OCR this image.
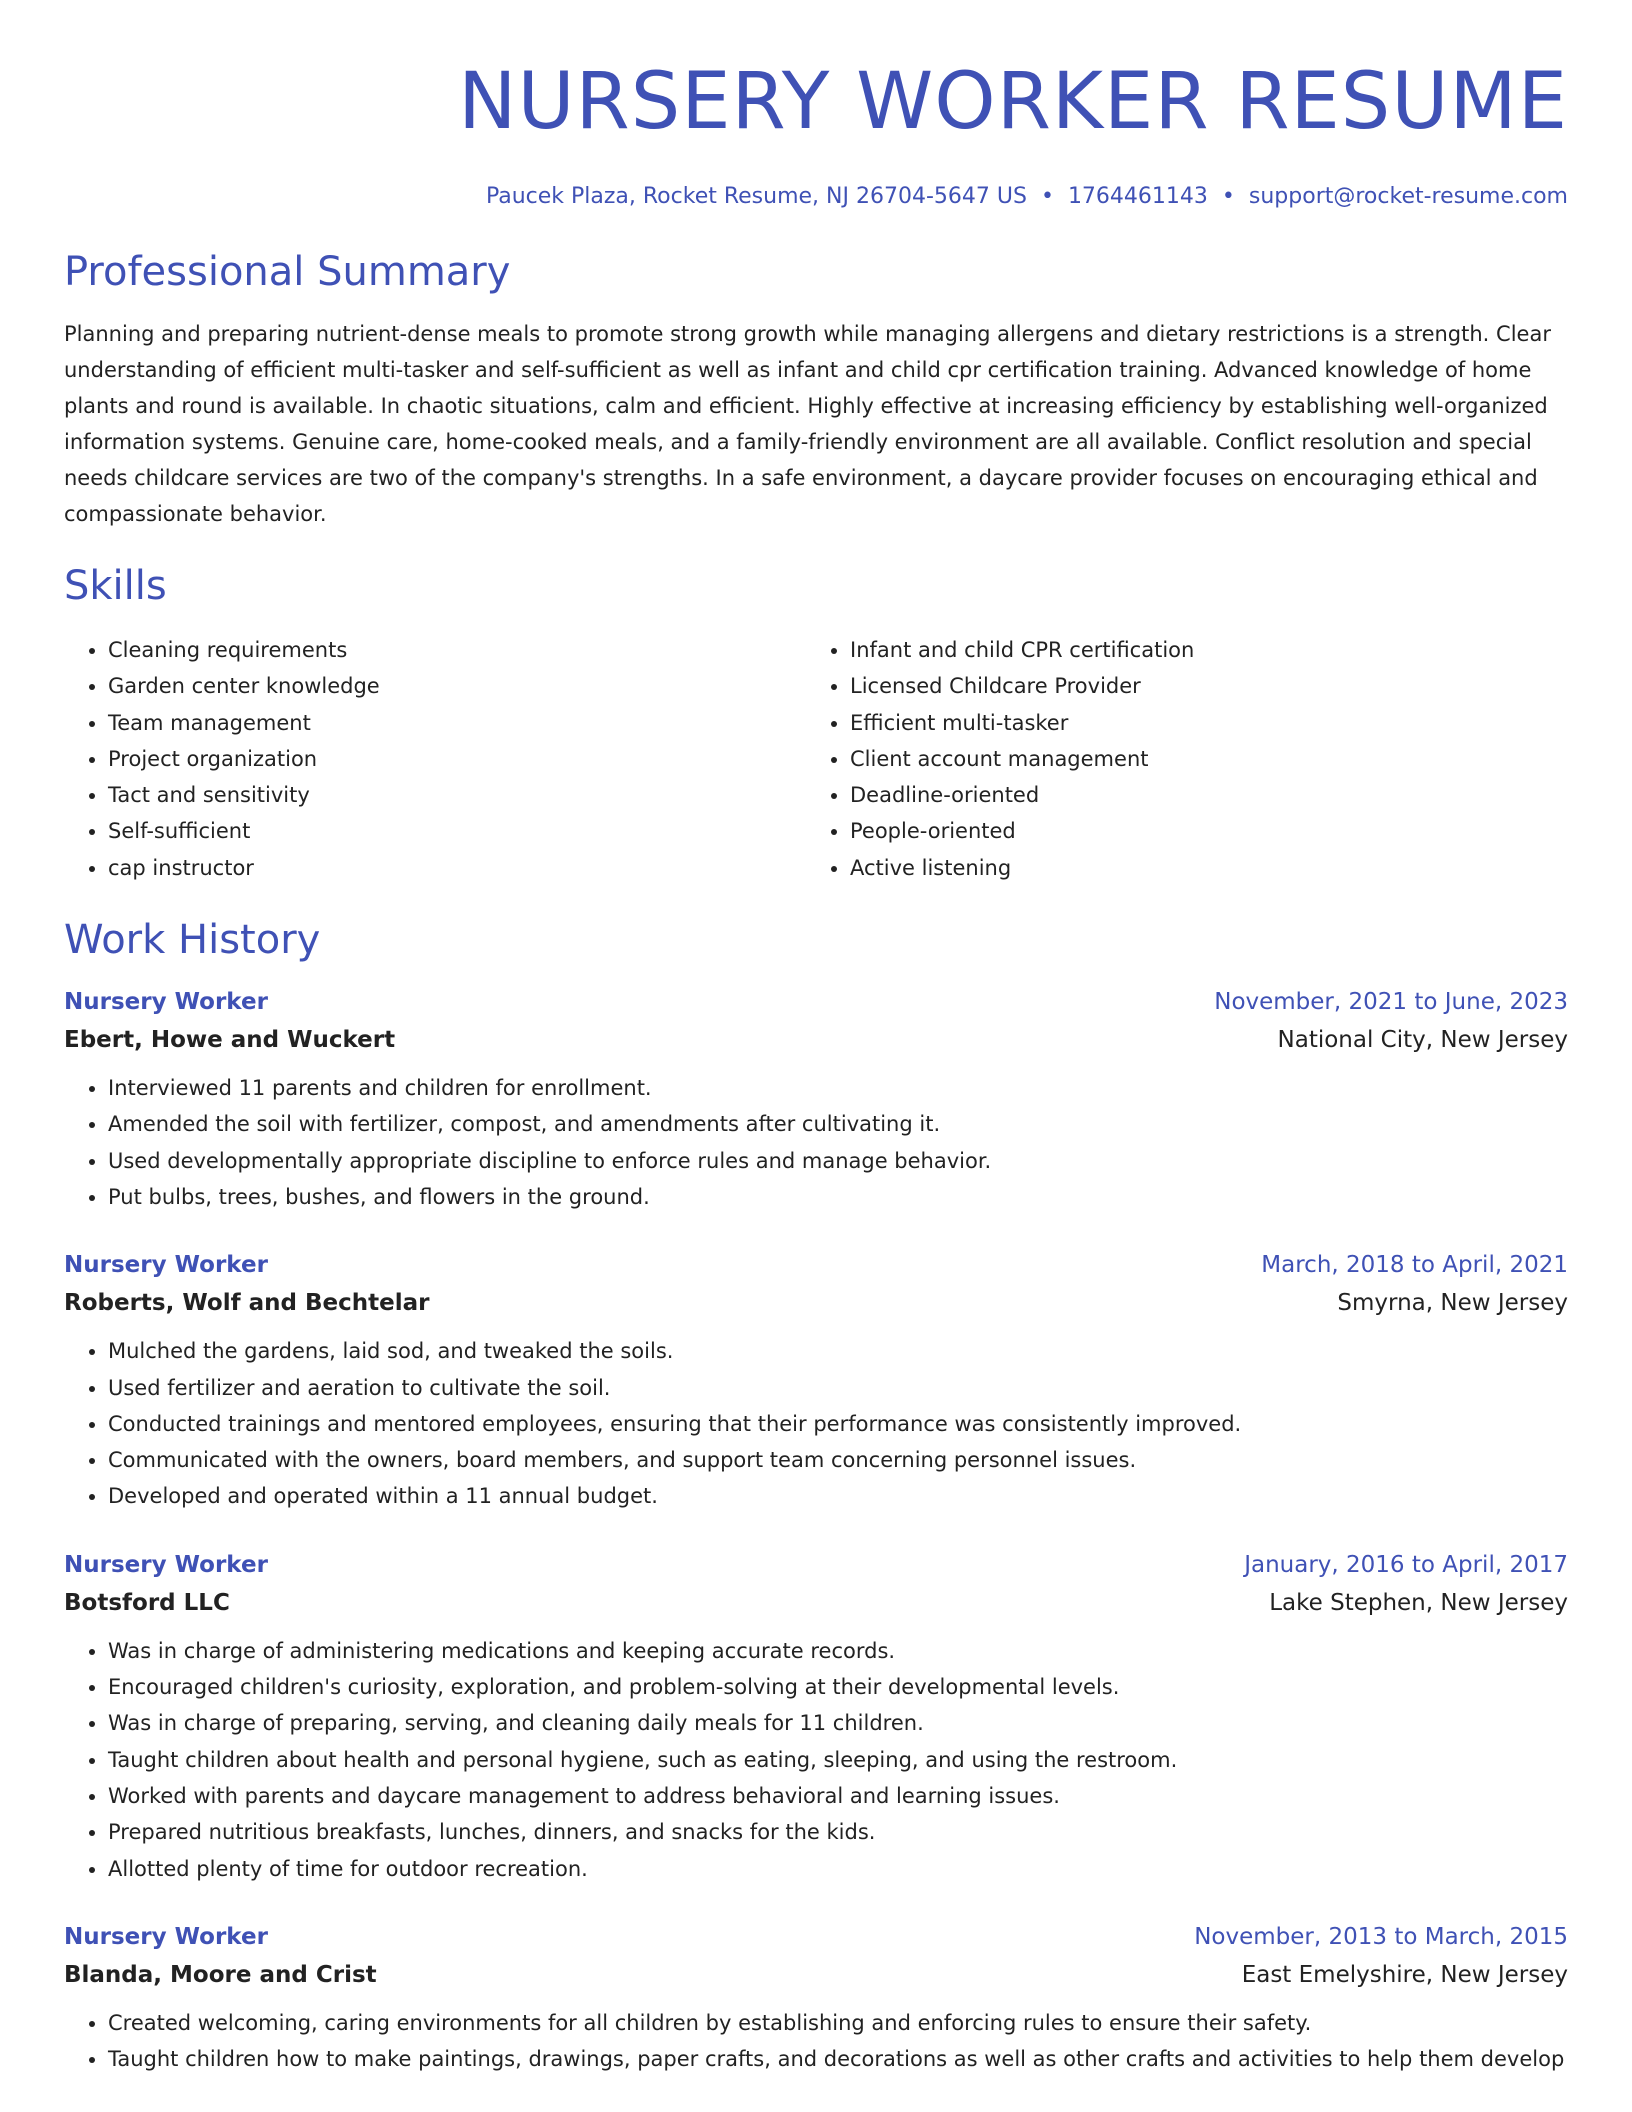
NURSERY WORKER RESUME
Paucek Plaza, Rocket Resume, NJ 26704-5647 US • 1764461143 • support@rocket-resume.com
Professional Summary

Planning and preparing nutrient-dense meals to promote strong growth while managing allergens and dietary restrictions is a strength. Clear understanding of efficient multi-tasker and self-sufficient as well as infant and child cpr certification training. Advanced knowledge of home plants and round is available. In chaotic situations, calm and efficient. Highly effective at increasing efficiency by establishing well-organized information systems. Genuine care, home-cooked meals, and a family-friendly environment are all available. Conflict resolution and special needs childcare services are two of the company's strengths. In a safe environment, a daycare provider focuses on encouraging ethical and compassionate behavior.

Skills
• Cleaning requirements
• Garden center knowledge
• Team management
• Project organization
• Tact and sensitivity
• Self-sufficient
• cap instructor
• Infant and child CPR certification
• Licensed Childcare Provider
• Efficient multi-tasker
• Client account management
• Deadline-oriented
• People-oriented
• Active listening
Work History
Nursery Worker	November, 2021 to June, 2023
Ebert, Howe and Wuckert	National City, New Jersey
• Interviewed 11 parents and children for enrollment.
• Amended the soil with fertilizer, compost, and amendments after cultivating it.
• Used developmentally appropriate discipline to enforce rules and manage behavior.
• Put bulbs, trees, bushes, and flowers in the ground.
Nursery Worker	March, 2018 to April, 2021
Roberts, Wolf and Bechtelar	Smyrna, New Jersey
• Mulched the gardens, laid sod, and tweaked the soils.
• Used fertilizer and aeration to cultivate the soil.
• Conducted trainings and mentored employees, ensuring that their performance was consistently improved.
• Communicated with the owners, board members, and support team concerning personnel issues.
• Developed and operated within a 11 annual budget.
Nursery Worker	January, 2016 to April, 2017
Botsford LLC	Lake Stephen, New Jersey
• Was in charge of administering medications and keeping accurate records.
• Encouraged children's curiosity, exploration, and problem-solving at their developmental levels.
• Was in charge of preparing, serving, and cleaning daily meals for 11 children.
• Taught children about health and personal hygiene, such as eating, sleeping, and using the restroom.
• Worked with parents and daycare management to address behavioral and learning issues.
• Prepared nutritious breakfasts, lunches, dinners, and snacks for the kids.
• Allotted plenty of time for outdoor recreation.
Nursery Worker	November, 2013 to March, 2015
Blanda, Moore and Crist	East Emelyshire, New Jersey
• Created welcoming, caring environments for all children by establishing and enforcing rules to ensure their safety.
• Taught children how to make paintings, drawings, paper crafts, and decorations as well as other crafts and activities to help them develop
